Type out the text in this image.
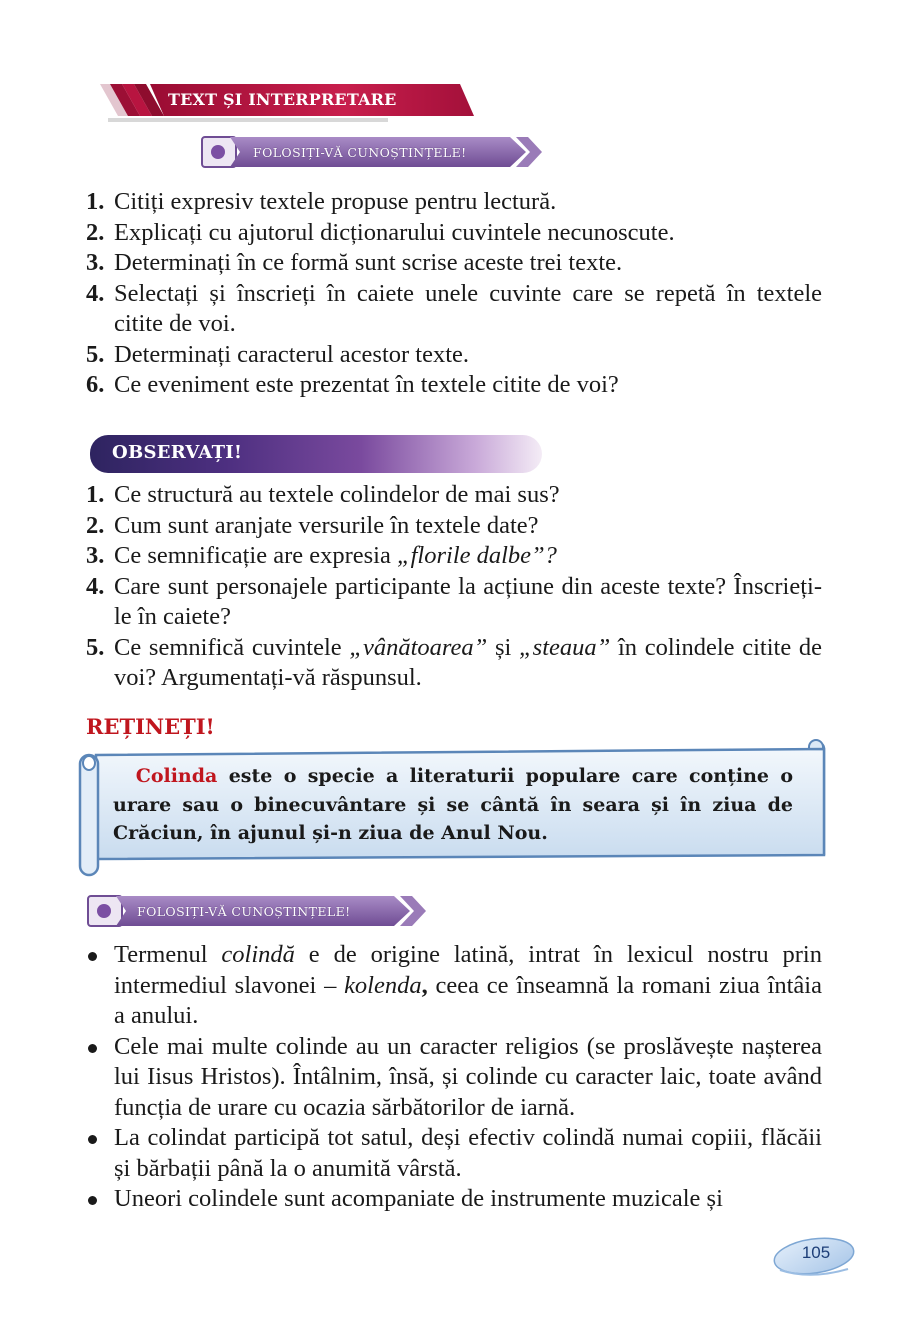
TEXT ȘI INTERPRETARE
FOLOSIȚI-VĂ CUNOȘTINȚELE!
1. Citiți expresiv textele propuse pentru lectură.
2. Explicați cu ajutorul dicționarului cuvintele necunoscute.
3. Determinați în ce formă sunt scrise aceste trei texte.
4. Selectați și înscrieți în caiete unele cuvinte care se repetă în textele citite de voi.
5. Determinați caracterul acestor texte.
6. Ce eveniment este prezentat în textele citite de voi?
OBSERVAȚI!
1. Ce structură au textele colindelor de mai sus?
2. Cum sunt aranjate versurile în textele date?
3. Ce semnificație are expresia „florile dalbe”?
4. Care sunt personajele participante la acțiune din aceste texte? Înscrieți-le în caiete?
5. Ce semnifică cuvintele „vânătoarea” și „steaua” în colindele citite de voi? Argumentați-vă răspunsul.
REȚINEȚI!
Colinda este o specie a literaturii populare care conține o urare sau o binecuvântare și se cântă în seara și în ziua de Crăciun, în ajunul și-n ziua de Anul Nou.
FOLOSIȚI-VĂ CUNOȘTINȚELE!
Termenul colindă e de origine latină, intrat în lexicul nostru prin intermediul slavonei – kolenda, ceea ce înseamnă la romani ziua întâia a anului.
Cele mai multe colinde au un caracter religios (se proslăvește nașterea lui Iisus Hristos). Întâlnim, însă, și colinde cu caracter laic, toate având funcția de urare cu ocazia sărbătorilor de iarnă.
La colindat participă tot satul, deși efectiv colindă numai copiii, flăcăii și bărbații până la o anumită vârstă.
Uneori colindele sunt acompaniate de instrumente muzicale și
105
